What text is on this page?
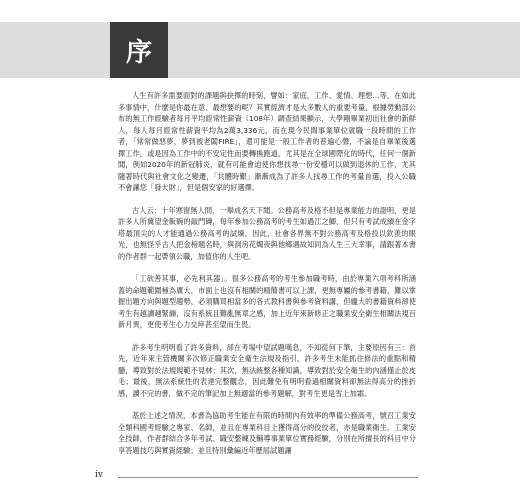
序

人生有許多需要面對的課題與抉擇的時刻，譬如：家庭、工作、愛情、理想…等，在如此多事情中，什麼是你最在意、最想要的呢？其實經濟才是大多數人的重要考量，根據勞動部公布的無工作經驗者每月平均經常性薪資（108年）調查結果顯示，大學剛畢業初出社會的新鮮人，每人每月經常性薪資平均為2萬3,336元，而在現今民間事業單位就職一段時間的工作者，「常常做惡夢，夢到被老闆FIRE」，還可能是一般工作者的普遍心聲，不論是自畢業後選擇工作，或是因為工作中的不安定性而要轉換跑道，尤其是在全球國際化的時代，任何一個新聞，例如2020年的新冠肺炎，就有可能會迫使你想找尋一份安穩可以做到退休的工作，尤其隨著時代與社會文化之變遷，「共體時艱」漸漸成為了許多人找尋工作的考量首選，投入公職不會讓您「發大財」，但是個安家的好選擇。

古人云：十年寒窗無人問，一舉成名天下聞。公務高考及格不但是專業能力的證明，更是許多人所冀望金飯碗的敲門磚，每年參加公務高考的考生如過江之鯽，但只有考試成績在金字塔最頂尖的人才能通過公務高考的試煉，因此，社會各界無不對公務高考及格投以欽羨的眼光，也無怪乎古人把金榜題名時，與洞房花燭夜與他鄉遇故知同為人生三大幸事，請跟著本書的作者群一起帶領公職，加值你的人生吧。

「工欲善其事，必先利其器」。很多公務高考的考生參加職考時，由於專業六項考科所涵蓋的命題範圍極為廣大，市面上也沒有相關的精簡書可以上課，更無專屬的參考書籍，難以掌握出題方向與題型趨勢，必須購買相當多的各式教科書與參考資料講，但龐大的書籍資料卻使考生有越讀越緊繃，沒有系統且難亂無章之感，加上近年來新修正之職業安全衛生相關法規百新月異，更使考生心力交瘁甚至望而生畏。

許多考生明明看了許多資料，卻在考場中望試題嘆息，不知從何下筆，主要原因有三：首先，近年來主管機關多次修正職業安全衛生法規及指引，許多考生未能抓住修法的重點和精髓，導致對於法規規範不見林；其次，無法統整各種知識，導致對於安全衛生的內涵僅止於皮毛；最後，無法系統性的表達完整觀念，因此難免有明明看過相關資料卻無法得高分的挫折感，讀不完的書，做不完的筆記加上無適當的參考題解，對考生更是雪上加霜。

基於上述之情況，本書為協助考生能在有限的時間內有效率的準備公務高考，號召工業安全類科國考經驗之專家、名師，並且在專業科目上獲得高分的佼佼者，亦是職業衛生、工業安全技師，作者群結合多年考試、職安整練及輔導事業單位實務經驗，分別在所擅長的科目中分享答題技巧與實資經驗；並且特別彙編近年歷屆試題讓

iv
